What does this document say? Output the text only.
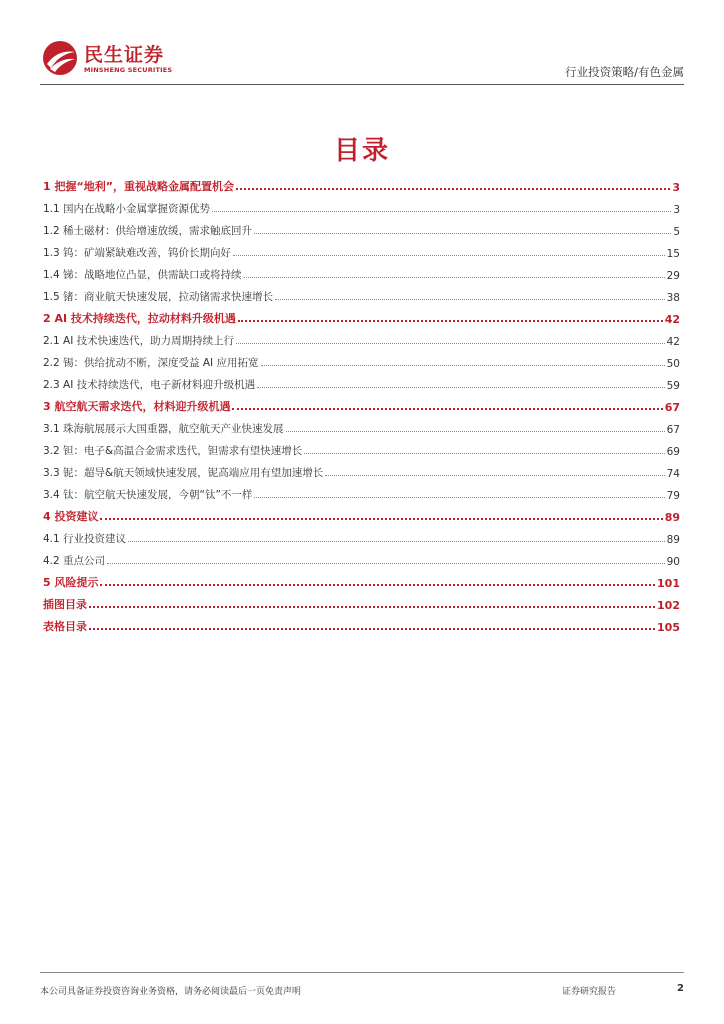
民生证券
MINSHENG SECURITIES	行业投资策略/有色金属
目录
1 把握“地利”，重视战略金属配置机会	3
1.1 国内在战略小金属掌握资源优势	3
1.2 稀土磁材：供给增速放缓，需求触底回升	5
1.3 钨：矿端紧缺难改善，钨价长期向好	15
1.4 锑：战略地位凸显，供需缺口或将持续	29
1.5 锗：商业航天快速发展，拉动锗需求快速增长	38
2 AI 技术持续迭代，拉动材料升级机遇	42
2.1 AI 技术快速迭代，助力周期持续上行	42
2.2 锡：供给扰动不断，深度受益 AI 应用拓宽	50
2.3 AI 技术持续迭代，电子新材料迎升级机遇	59
3 航空航天需求迭代，材料迎升级机遇	67
3.1 珠海航展展示大国重器，航空航天产业快速发展	67
3.2 钽：电子&高温合金需求迭代，钽需求有望快速增长	69
3.3 铌：超导&航天领域快速发展，铌高端应用有望加速增长	74
3.4 钛：航空航天快速发展，今朝“钛”不一样	79
4 投资建议	89
4.1 行业投资建议	89
4.2 重点公司	90
5 风险提示	101
插图目录	102
表格目录	105
本公司具备证券投资咨询业务资格，请务必阅读最后一页免责声明	证券研究报告	2
